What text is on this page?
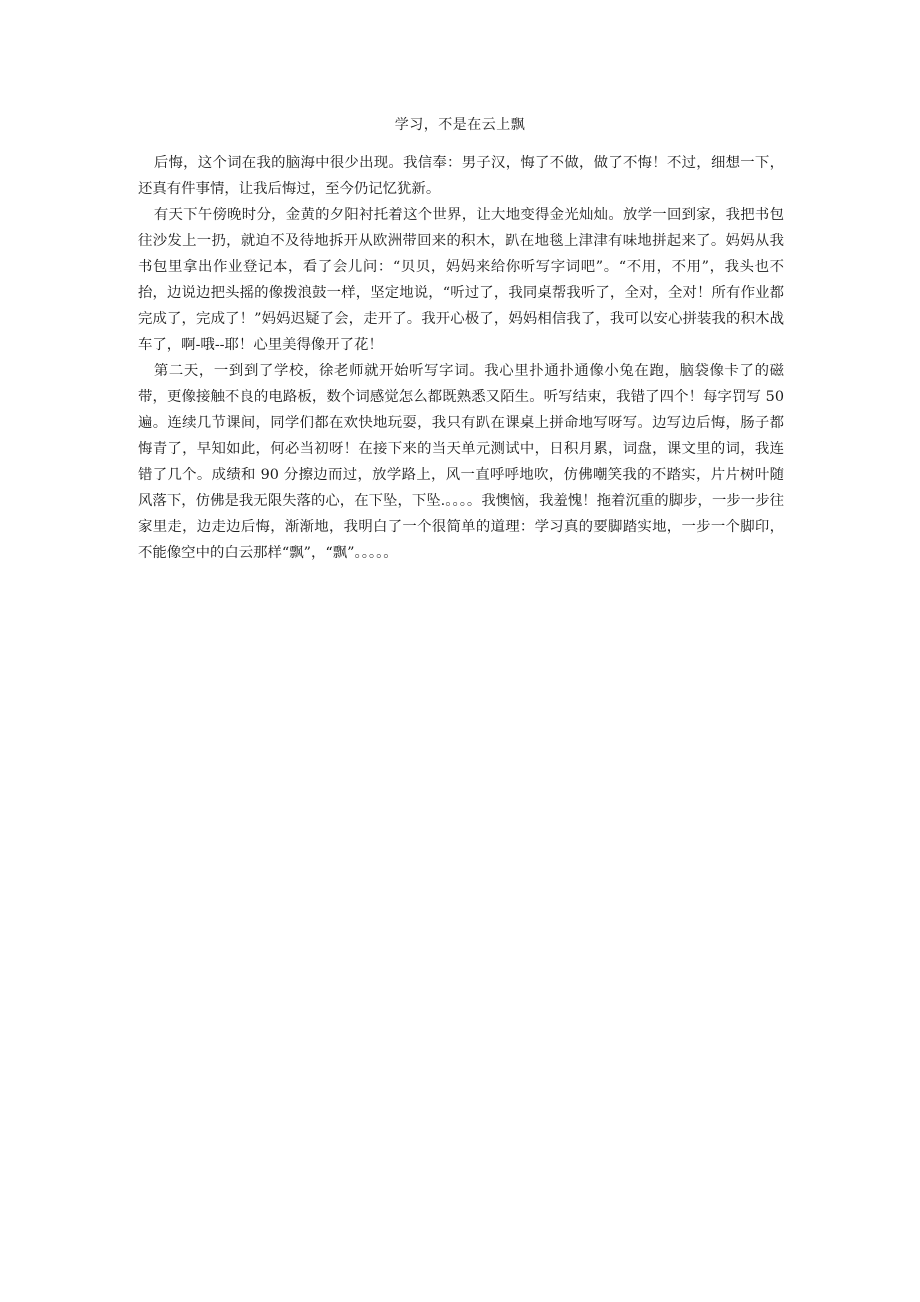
学习，不是在云上飘

后悔，这个词在我的脑海中很少出现。我信奉：男子汉，悔了不做，做了不悔！不过，细想一下，还真有件事情，让我后悔过，至今仍记忆犹新。

有天下午傍晚时分，金黄的夕阳衬托着这个世界，让大地变得金光灿灿。放学一回到家，我把书包往沙发上一扔，就迫不及待地拆开从欧洲带回来的积木，趴在地毯上津津有味地拼起来了。妈妈从我书包里拿出作业登记本，看了会儿问：“贝贝，妈妈来给你听写字词吧”。“不用，不用”，我头也不抬，边说边把头摇的像拨浪鼓一样，坚定地说，“听过了，我同桌帮我听了，全对，全对！所有作业都完成了，完成了！”妈妈迟疑了会，走开了。我开心极了，妈妈相信我了，我可以安心拼装我的积木战车了，啊-哦--耶！心里美得像开了花！

第二天，一到到了学校，徐老师就开始听写字词。我心里扑通扑通像小兔在跑，脑袋像卡了的磁带，更像接触不良的电路板，数个词感觉怎么都既熟悉又陌生。听写结束，我错了四个！每字罚写 50 遍。连续几节课间，同学们都在欢快地玩耍，我只有趴在课桌上拼命地写呀写。边写边后悔，肠子都悔青了，早知如此，何必当初呀！在接下来的当天单元测试中，日积月累，词盘，课文里的词，我连错了几个。成绩和 90 分擦边而过，放学路上，风一直呼呼地吹，仿佛嘲笑我的不踏实，片片树叶随风落下，仿佛是我无限失落的心，在下坠，下坠.。。。。我懊恼，我羞愧！拖着沉重的脚步，一步一步往家里走，边走边后悔，渐渐地，我明白了一个很简单的道理：学习真的要脚踏实地，一步一个脚印，不能像空中的白云那样“飘”，“飘”。。。。。
